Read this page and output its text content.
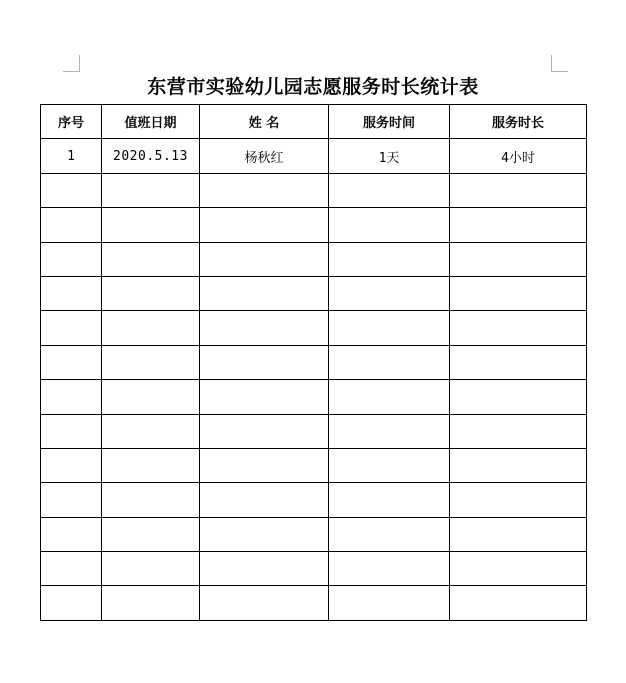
东营市实验幼儿园志愿服务时长统计表
序号	值班日期	姓 名	服务时间	服务时长
1	2020.5.13	杨秋红	1天	4小时
